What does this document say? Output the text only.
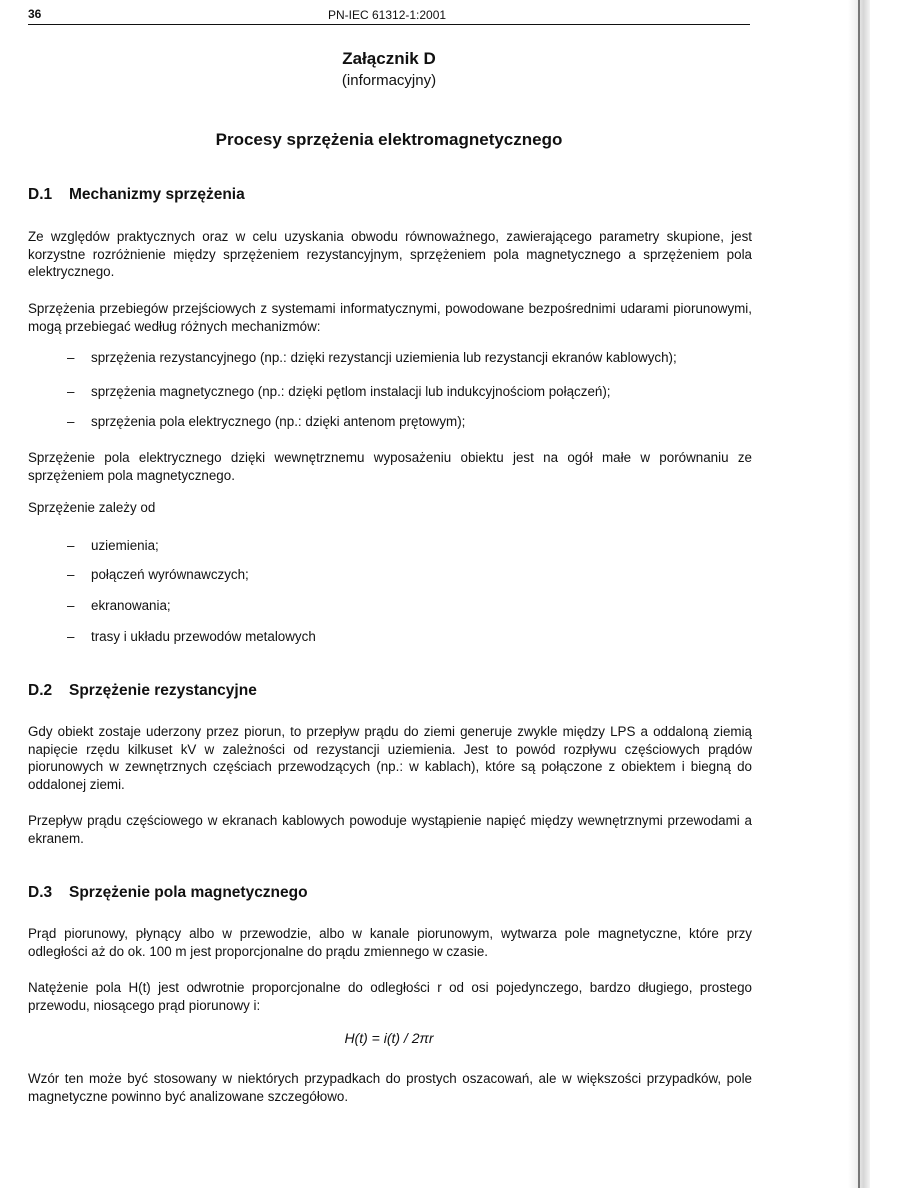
36	PN-IEC 61312-1:2001
Załącznik D
(informacyjny)
Procesy sprzężenia elektromagnetycznego
D.1 Mechanizmy sprzężenia

Ze względów praktycznych oraz w celu uzyskania obwodu równoważnego, zawierającego parametry skupione, jest korzystne rozróżnienie między sprzężeniem rezystancyjnym, sprzężeniem pola magnetycznego a sprzężeniem pola elektrycznego.

Sprzężenia przebiegów przejściowych z systemami informatycznymi, powodowane bezpośrednimi udarami piorunowymi, mogą przebiegać według różnych mechanizmów:

– sprzężenia rezystancyjnego (np.: dzięki rezystancji uziemienia lub rezystancji ekranów kablowych);
– sprzężenia magnetycznego (np.: dzięki pętlom instalacji lub indukcyjnościom połączeń);
– sprzężenia pola elektrycznego (np.: dzięki antenom prętowym);

Sprzężenie pola elektrycznego dzięki wewnętrznemu wyposażeniu obiektu jest na ogół małe w porównaniu ze sprzężeniem pola magnetycznego.

Sprzężenie zależy od

– uziemienia;
– połączeń wyrównawczych;
– ekranowania;
– trasy i układu przewodów metalowych
D.2 Sprzężenie rezystancyjne

Gdy obiekt zostaje uderzony przez piorun, to przepływ prądu do ziemi generuje zwykle między LPS a oddaloną ziemią napięcie rzędu kilkuset kV w zależności od rezystancji uziemienia. Jest to powód rozpływu częściowych prądów piorunowych w zewnętrznych częściach przewodzących (np.: w kablach), które są połączone z obiektem i biegną do oddalonej ziemi.

Przepływ prądu częściowego w ekranach kablowych powoduje wystąpienie napięć między wewnętrznymi przewodami a ekranem.

D.3 Sprzężenie pola magnetycznego

Prąd piorunowy, płynący albo w przewodzie, albo w kanale piorunowym, wytwarza pole magnetyczne, które przy odległości aż do ok. 100 m jest proporcjonalne do prądu zmiennego w czasie.

Natężenie pola H(t) jest odwrotnie proporcjonalne do odległości r od osi pojedynczego, bardzo długiego, prostego przewodu, niosącego prąd piorunowy i:

H(t) = i(t) / 2πr

Wzór ten może być stosowany w niektórych przypadkach do prostych oszacowań, ale w większości przypadków, pole magnetyczne powinno być analizowane szczegółowo.
